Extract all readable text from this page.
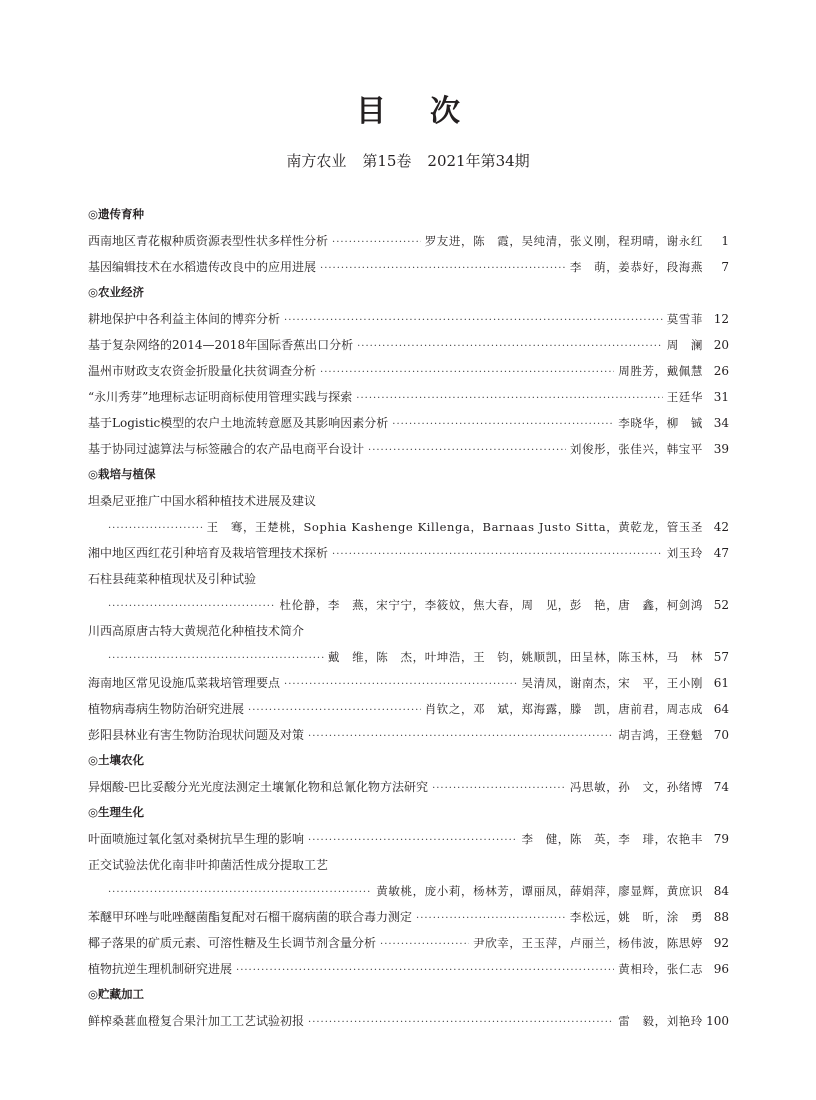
目 次

南方农业 第15卷 2021年第34期

◎遗传育种
西南地区青花椒种质资源表型性状多样性分析 ·····	罗友进，陈　霞，吴纯清，张义刚，程玥晴，谢永红	1
基因编辑技术在水稻遗传改良中的应用进展 ·····	李　萌，姜恭好，段海燕	7
◎农业经济
耕地保护中各利益主体间的博弈分析 ·····	莫雪菲 12
基于复杂网络的2014—2018年国际香蕉出口分析 ·····	周　澜 20
温州市财政支农资金折股量化扶贫调查分析 ·····	周胜芳，戴佩慧 26
“永川秀芽”地理标志证明商标使用管理实践与探索 ·····	王廷华 31
基于Logistic模型的农户土地流转意愿及其影响因素分析 ·····	李晓华，柳　铖 34
基于协同过滤算法与标签融合的农产品电商平台设计 ·····	刘俊彤，张佳兴，韩宝平 39
◎栽培与植保
坦桑尼亚推广中国水稻种植技术进展及建议
·····
王　骞，王楚桃，Sophia Kashenge Killenga，Barnaas Justo Sitta，黄乾龙，管玉圣 42
湘中地区西红花引种培育及栽培管理技术探析 ·····	刘玉玲 47
石柱县莼菜种植现状及引种试验
·····
杜伦静，李　燕，宋宁宁，李筱妏，焦大春，周　见，彭　艳，唐　鑫，柯剑鸿 52
川西高原唐古特大黄规范化种植技术简介
·····
戴　维，陈　杰，叶坤浩，王　钧，姚顺凯，田呈林，陈玉林，马　林 57
海南地区常见设施瓜菜栽培管理要点 ·····	吴清凤，谢南杰，宋　平，王小刚 61
植物病毒病生物防治研究进展 ·····	肖钦之，邓　斌，郑海露，滕　凯，唐前君，周志成 64
彭阳县林业有害生物防治现状问题及对策 ·····	胡吉鸿，王登魁 70
◎土壤农化
异烟酸-巴比妥酸分光光度法测定土壤氰化物和总氰化物方法研究 ·····	冯思敏，孙　文，孙绪博 74
◎生理生化
叶面喷施过氧化氢对桑树抗旱生理的影响 ·····	李　健，陈　英，李　琲，农艳丰 79
正交试验法优化南非叶抑菌活性成分提取工艺
·····
黄敏桃，庞小莉，杨林芳，谭丽凤，薛娟萍，廖显辉，黄庶识 84
苯醚甲环唑与吡唑醚菌酯复配对石榴干腐病菌的联合毒力测定 ·····	李松远，姚　昕，涂　勇 88
椰子落果的矿质元素、可溶性糖及生长调节剂含量分析 ·····	尹欣幸，王玉萍，卢丽兰，杨伟波，陈思婷 92
植物抗逆生理机制研究进展 ·····	黄相玲，张仁志 96
◎贮藏加工
鲜榨桑葚血橙复合果汁加工工艺试验初报 ·····	雷　毅，刘艳玲 100
